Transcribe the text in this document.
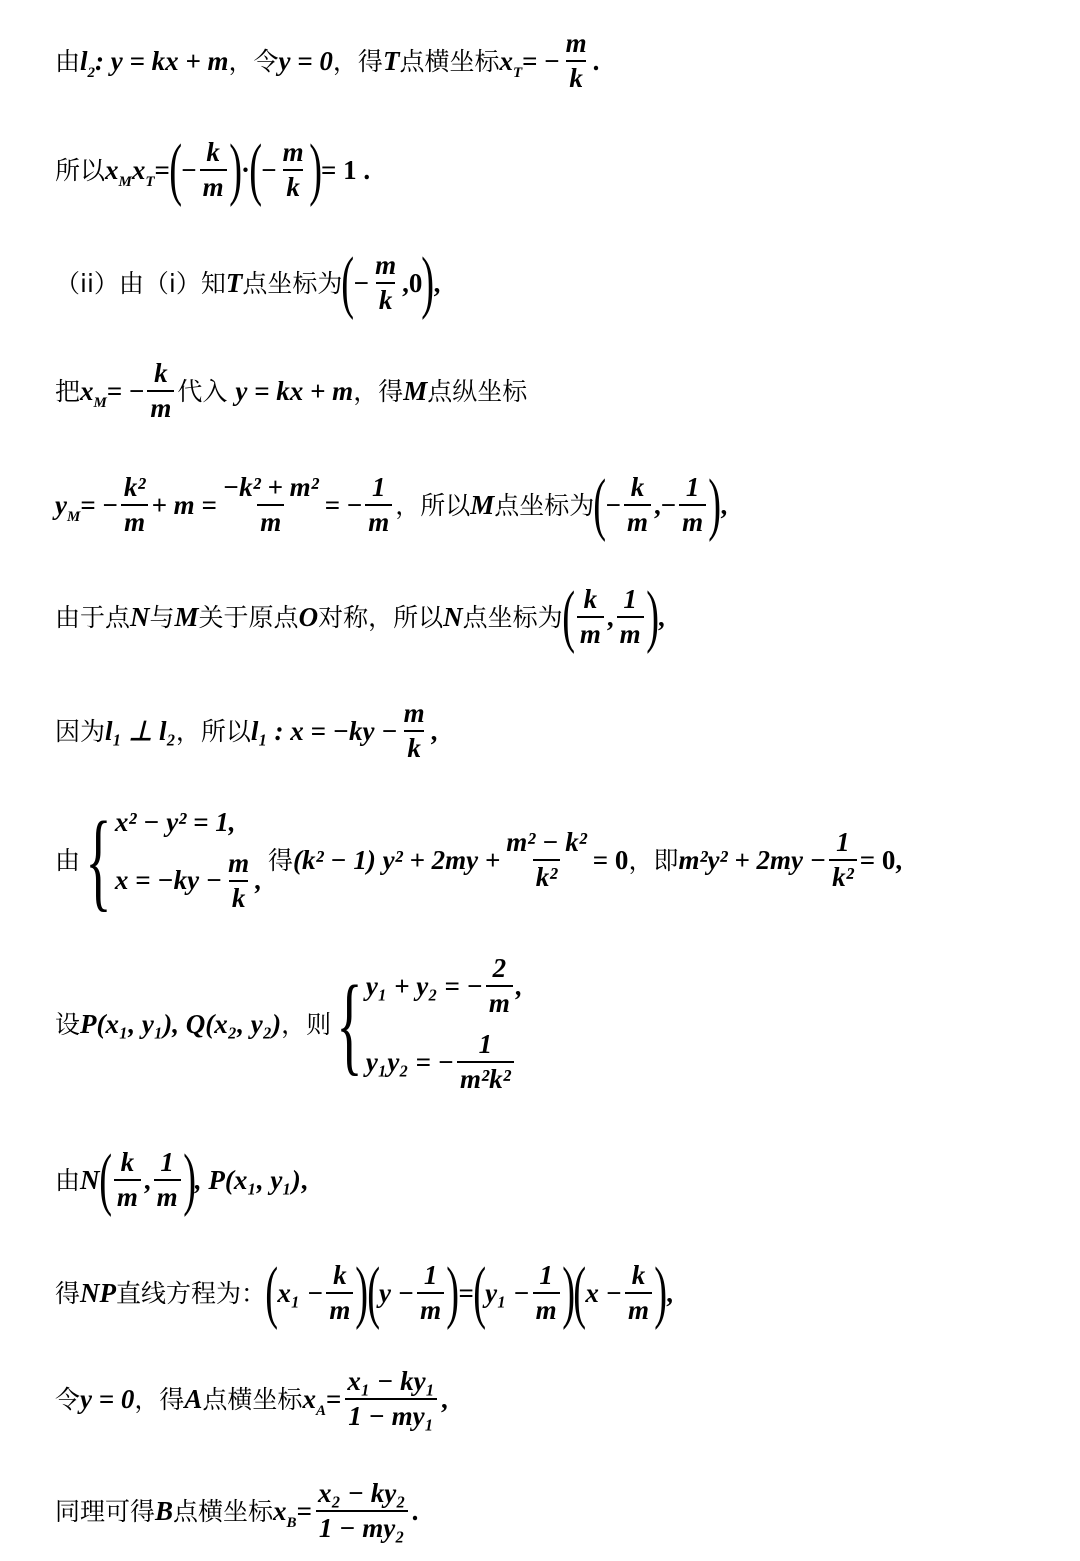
由 $l_2$ : y = kx + m ，令 y = 0 ，得 T 点横坐标 $x_T$ = − $\frac{m}{k}$ .
所以 $x_Mx_T$ = ( − $\frac{k}{m}$ ) · ( − $\frac{m}{k}$ ) = 1 .
（ⅰⅰ）由（ⅰ）知 T 点坐标为 ( − $\frac{m}{k} ,0$ ) ,
把 $x_M$ = − $\frac{k}{m}$ 代入 y = kx + m ，得 M 点纵坐标
$y_M$ = − $\frac{\text{k²}}{m} + m = \frac{\text{−k² + m²}}{m}$ = − $\frac{1}{m}$ ，所以 M 点坐标为 ( − $\frac{k}{m}$ ,− $\frac{1}{m}$ ) ,
由于点 N 与 M 关于原点 O 对称，所以 N 点坐标为 ( $\frac{k}{m}$ , $\frac{1}{m}$ ) ,
因为 l₁ ⊥ l₂ ，所以 l₁ : $x = -ky - \frac{m}{k}$ ,
由 { x² − y² = 1,
$x = -ky - \frac{m}{k}$ ,
得 (k² − 1) $y^2 + 2my + \frac{\text{m² − k²}}{\text{k²}} = 0$ ，即 $m^2y^2 + 2my - \frac{1}{\text{k²}} = 0$,
设 P(x₁, y₁), Q(x₂, y₂) ，则 { y₁ + y₂ = − $\frac{2}{m}$ ,
y₁y₂ = − $\frac{1}{\text{m²k²}}$
由 N ( $\frac{k}{m}$ , $\frac{1}{m}$ ) , P(x₁, y₁) ,
得 NP 直线方程为： ( $x_1 - \frac{k}{m}$ )
( $y - \frac{1}{m}$ ) = ( $y_1 - \frac{1}{m}$ )
( $x - \frac{k}{m}$ ) ,
令 y = 0 ，得 A 点横坐标 $x_A = \frac{\text{x₁ − ky₁}}{\text{1 − my₁}}$ ,
同理可得 B 点横坐标 $x_B = \frac{\text{x₂ − ky₂}}{\text{1 − my₂}}$ .
